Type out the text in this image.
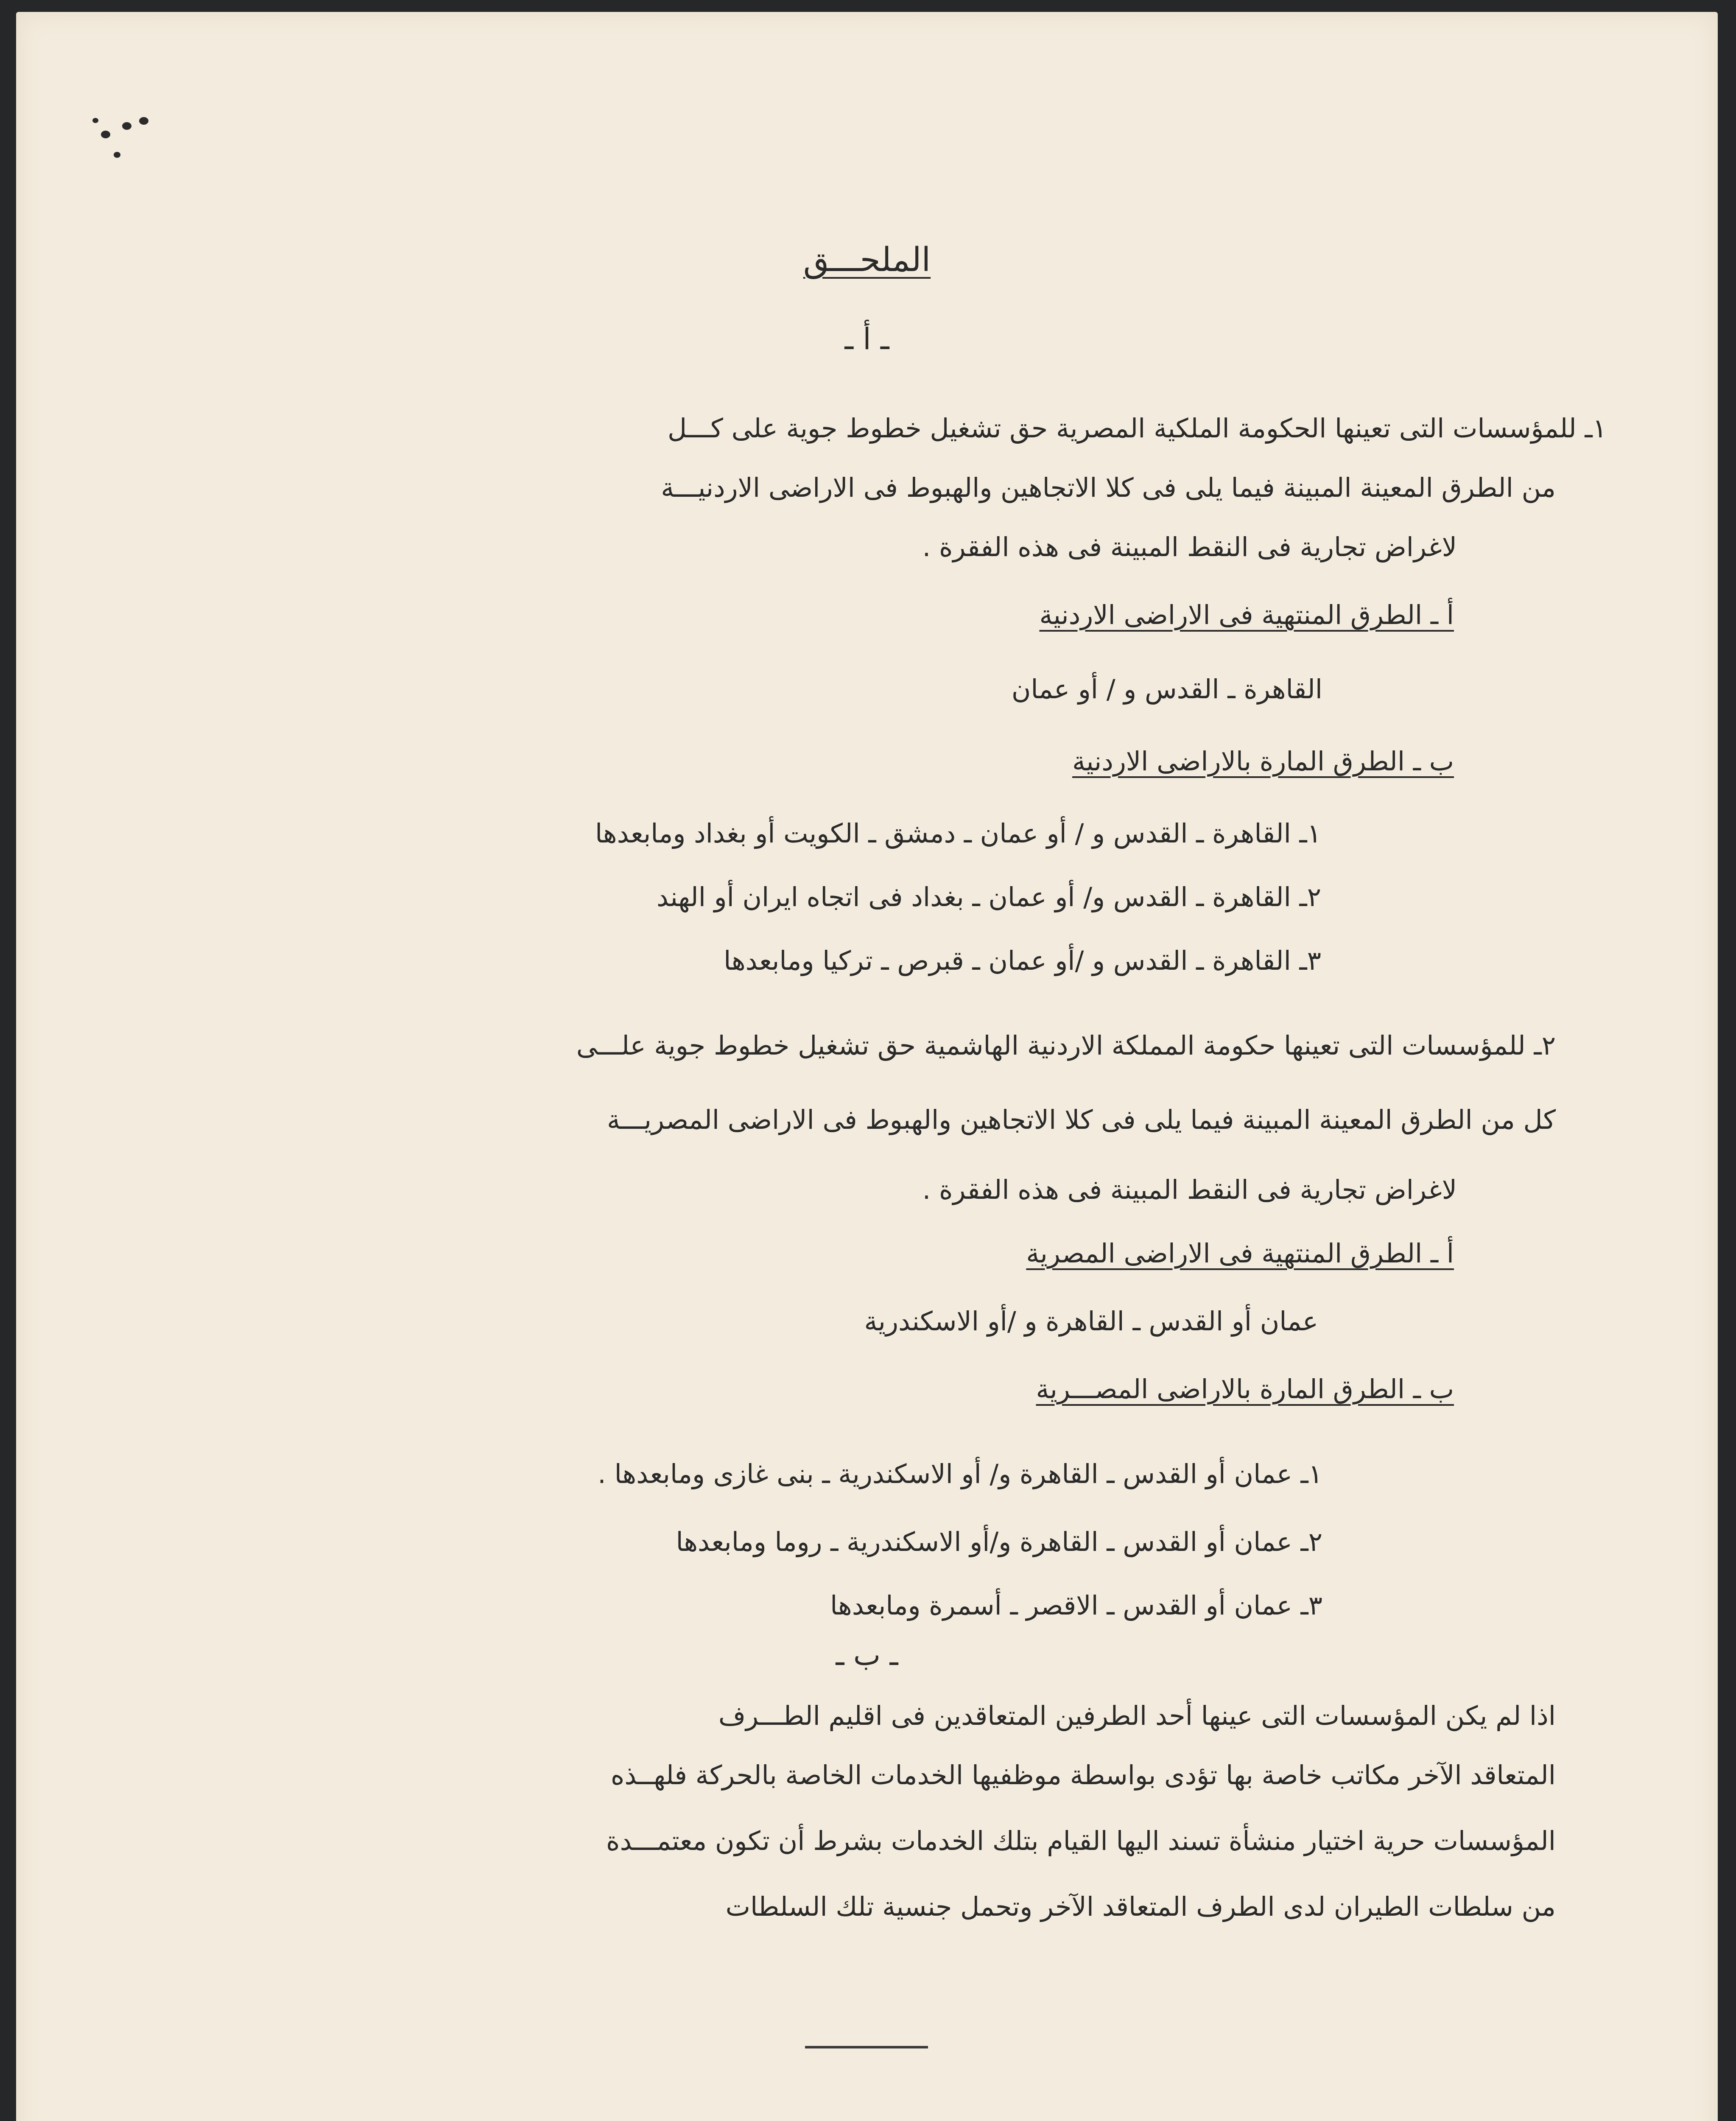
الملحـــق
ـ أ ـ
١ـ للمؤسسات التى تعينها الحكومة الملكية المصرية حق تشغيل خطوط جوية على كـــل
من الطرق المعينة المبينة فيما يلى فى كلا الاتجاهين والهبوط فى الاراضى الاردنيـــة
لاغراض تجارية فى النقط المبينة فى هذه الفقرة .
أ ـ الطرق المنتهية فى الاراضى الاردنية
القاهرة ـ القدس و / أو عمان
ب ـ الطرق المارة بالاراضى الاردنية
١ـ القاهرة ـ القدس و / أو عمان ـ دمشق ـ الكويت أو بغداد ومابعدها
٢ـ القاهرة ـ القدس و/ أو عمان ـ بغداد فى اتجاه ايران أو الهند
٣ـ القاهرة ـ القدس و /أو عمان ـ قبرص ـ تركيا ومابعدها
٢ـ للمؤسسات التى تعينها حكومة المملكة الاردنية الهاشمية حق تشغيل خطوط جوية علـــى
كل من الطرق المعينة المبينة فيما يلى فى كلا الاتجاهين والهبوط فى الاراضى المصريـــة
لاغراض تجارية فى النقط المبينة فى هذه الفقرة .
أ ـ الطرق المنتهية فى الاراضى المصرية
عمان أو القدس ـ القاهرة و /أو الاسكندرية
ب ـ الطرق المارة بالاراضى المصـــرية
١ـ عمان أو القدس ـ القاهرة و/ أو الاسكندرية ـ بنى غازى ومابعدها .
٢ـ عمان أو القدس ـ القاهرة و/أو الاسكندرية ـ روما ومابعدها
٣ـ عمان أو القدس ـ الاقصر ـ أسمرة ومابعدها
ـ ب ـ
اذا لم يكن المؤسسات التى عينها أحد الطرفين المتعاقدين فى اقليم الطـــرف
المتعاقد الآخر مكاتب خاصة بها تؤدى بواسطة موظفيها الخدمات الخاصة بالحركة فلهــذه
المؤسسات حرية اختيار منشأة تسند اليها القيام بتلك الخدمات بشرط أن تكون معتمـــدة
من سلطات الطيران لدى الطرف المتعاقد الآخر وتحمل جنسية تلك السلطات
